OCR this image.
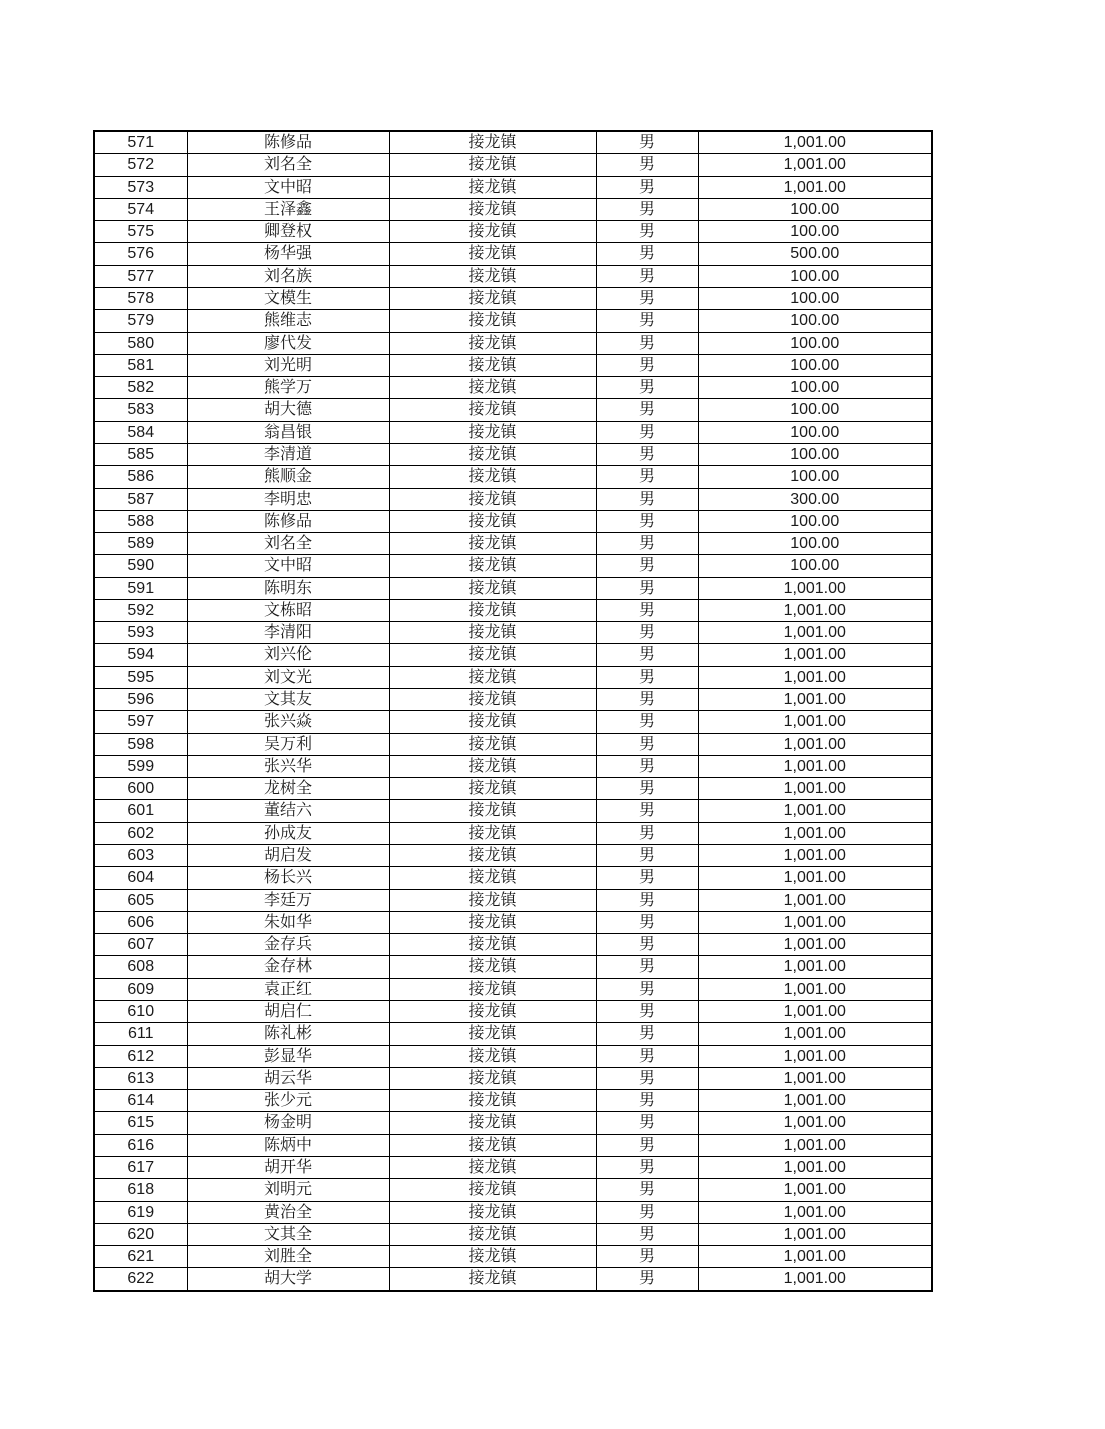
571	陈修品	接龙镇	男	1,001.00
572	刘名全	接龙镇	男	1,001.00
573	文中昭	接龙镇	男	1,001.00
574	王泽鑫	接龙镇	男	100.00
575	卿登权	接龙镇	男	100.00
576	杨华强	接龙镇	男	500.00
577	刘名族	接龙镇	男	100.00
578	文模生	接龙镇	男	100.00
579	熊维志	接龙镇	男	100.00
580	廖代发	接龙镇	男	100.00
581	刘光明	接龙镇	男	100.00
582	熊学万	接龙镇	男	100.00
583	胡大德	接龙镇	男	100.00
584	翁昌银	接龙镇	男	100.00
585	李清道	接龙镇	男	100.00
586	熊顺金	接龙镇	男	100.00
587	李明忠	接龙镇	男	300.00
588	陈修品	接龙镇	男	100.00
589	刘名全	接龙镇	男	100.00
590	文中昭	接龙镇	男	100.00
591	陈明东	接龙镇	男	1,001.00
592	文栋昭	接龙镇	男	1,001.00
593	李清阳	接龙镇	男	1,001.00
594	刘兴伦	接龙镇	男	1,001.00
595	刘文光	接龙镇	男	1,001.00
596	文其友	接龙镇	男	1,001.00
597	张兴焱	接龙镇	男	1,001.00
598	吴万利	接龙镇	男	1,001.00
599	张兴华	接龙镇	男	1,001.00
600	龙树全	接龙镇	男	1,001.00
601	董结六	接龙镇	男	1,001.00
602	孙成友	接龙镇	男	1,001.00
603	胡启发	接龙镇	男	1,001.00
604	杨长兴	接龙镇	男	1,001.00
605	李廷万	接龙镇	男	1,001.00
606	朱如华	接龙镇	男	1,001.00
607	金存兵	接龙镇	男	1,001.00
608	金存林	接龙镇	男	1,001.00
609	袁正红	接龙镇	男	1,001.00
610	胡启仁	接龙镇	男	1,001.00
611	陈礼彬	接龙镇	男	1,001.00
612	彭显华	接龙镇	男	1,001.00
613	胡云华	接龙镇	男	1,001.00
614	张少元	接龙镇	男	1,001.00
615	杨金明	接龙镇	男	1,001.00
616	陈炳中	接龙镇	男	1,001.00
617	胡开华	接龙镇	男	1,001.00
618	刘明元	接龙镇	男	1,001.00
619	黄治全	接龙镇	男	1,001.00
620	文其全	接龙镇	男	1,001.00
621	刘胜全	接龙镇	男	1,001.00
622	胡大学	接龙镇	男	1,001.00
